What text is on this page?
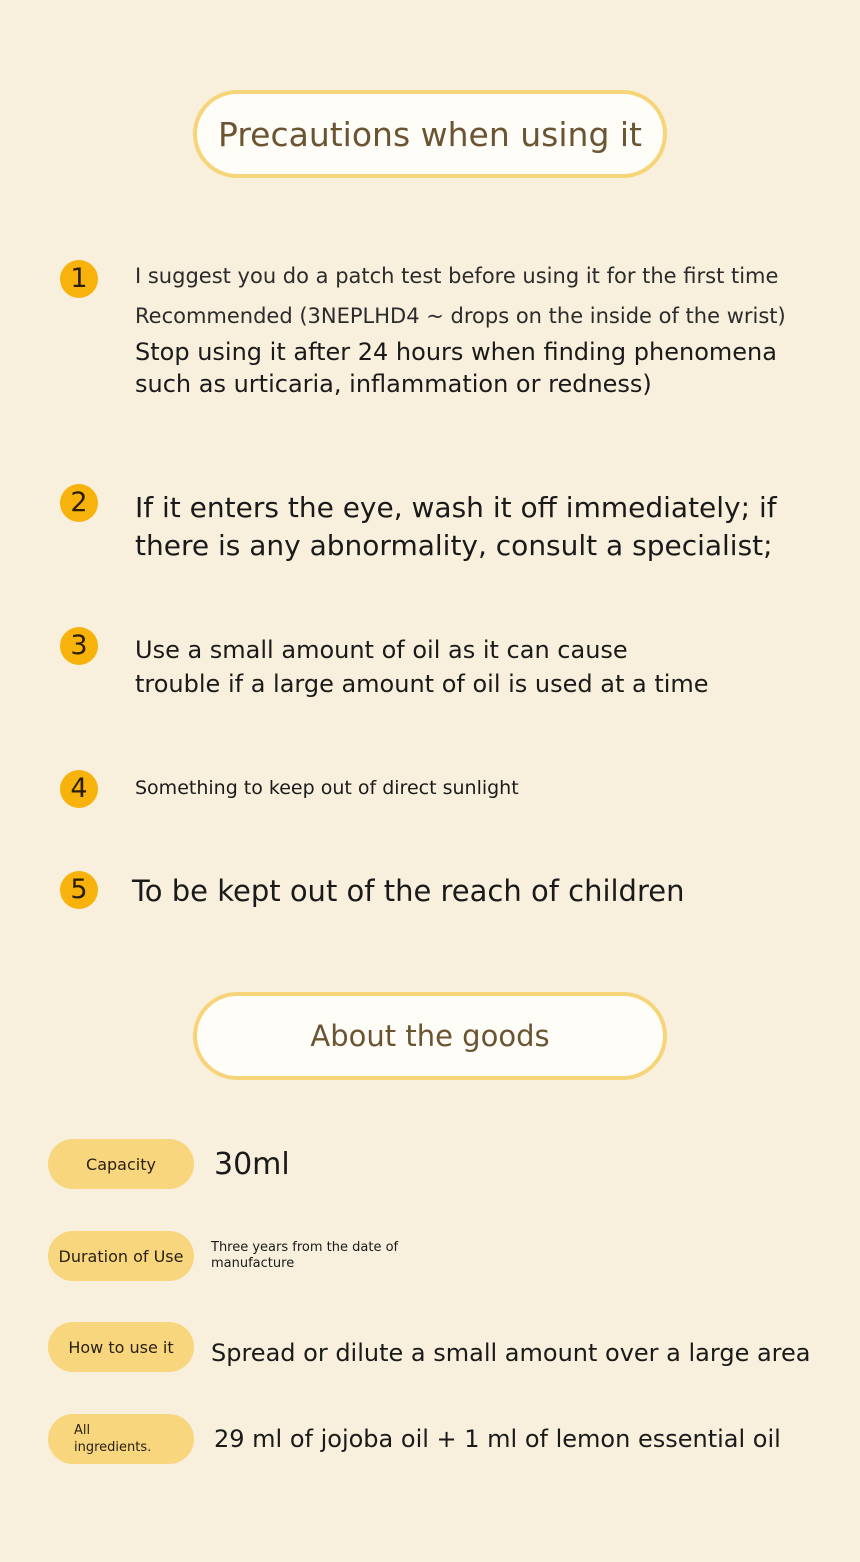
Precautions when using it
1	I suggest you do a patch test before using it for the first time
Recommended (3NEPLHD4 ~ drops on the inside of the wrist)
Stop using it after 24 hours when finding phenomena
such as urticaria, inflammation or redness)
2	If it enters the eye, wash it off immediately; if
there is any abnormality, consult a specialist;
3	Use a small amount of oil as it can cause
trouble if a large amount of oil is used at a time
4	Something to keep out of direct sunlight
5	To be kept out of the reach of children
About the goods
Capacity	30ml
Duration of Use	Three years from the date of
manufacture
How to use it	Spread or dilute a small amount over a large area
All
ingredients.	29 ml of jojoba oil + 1 ml of lemon essential oil
